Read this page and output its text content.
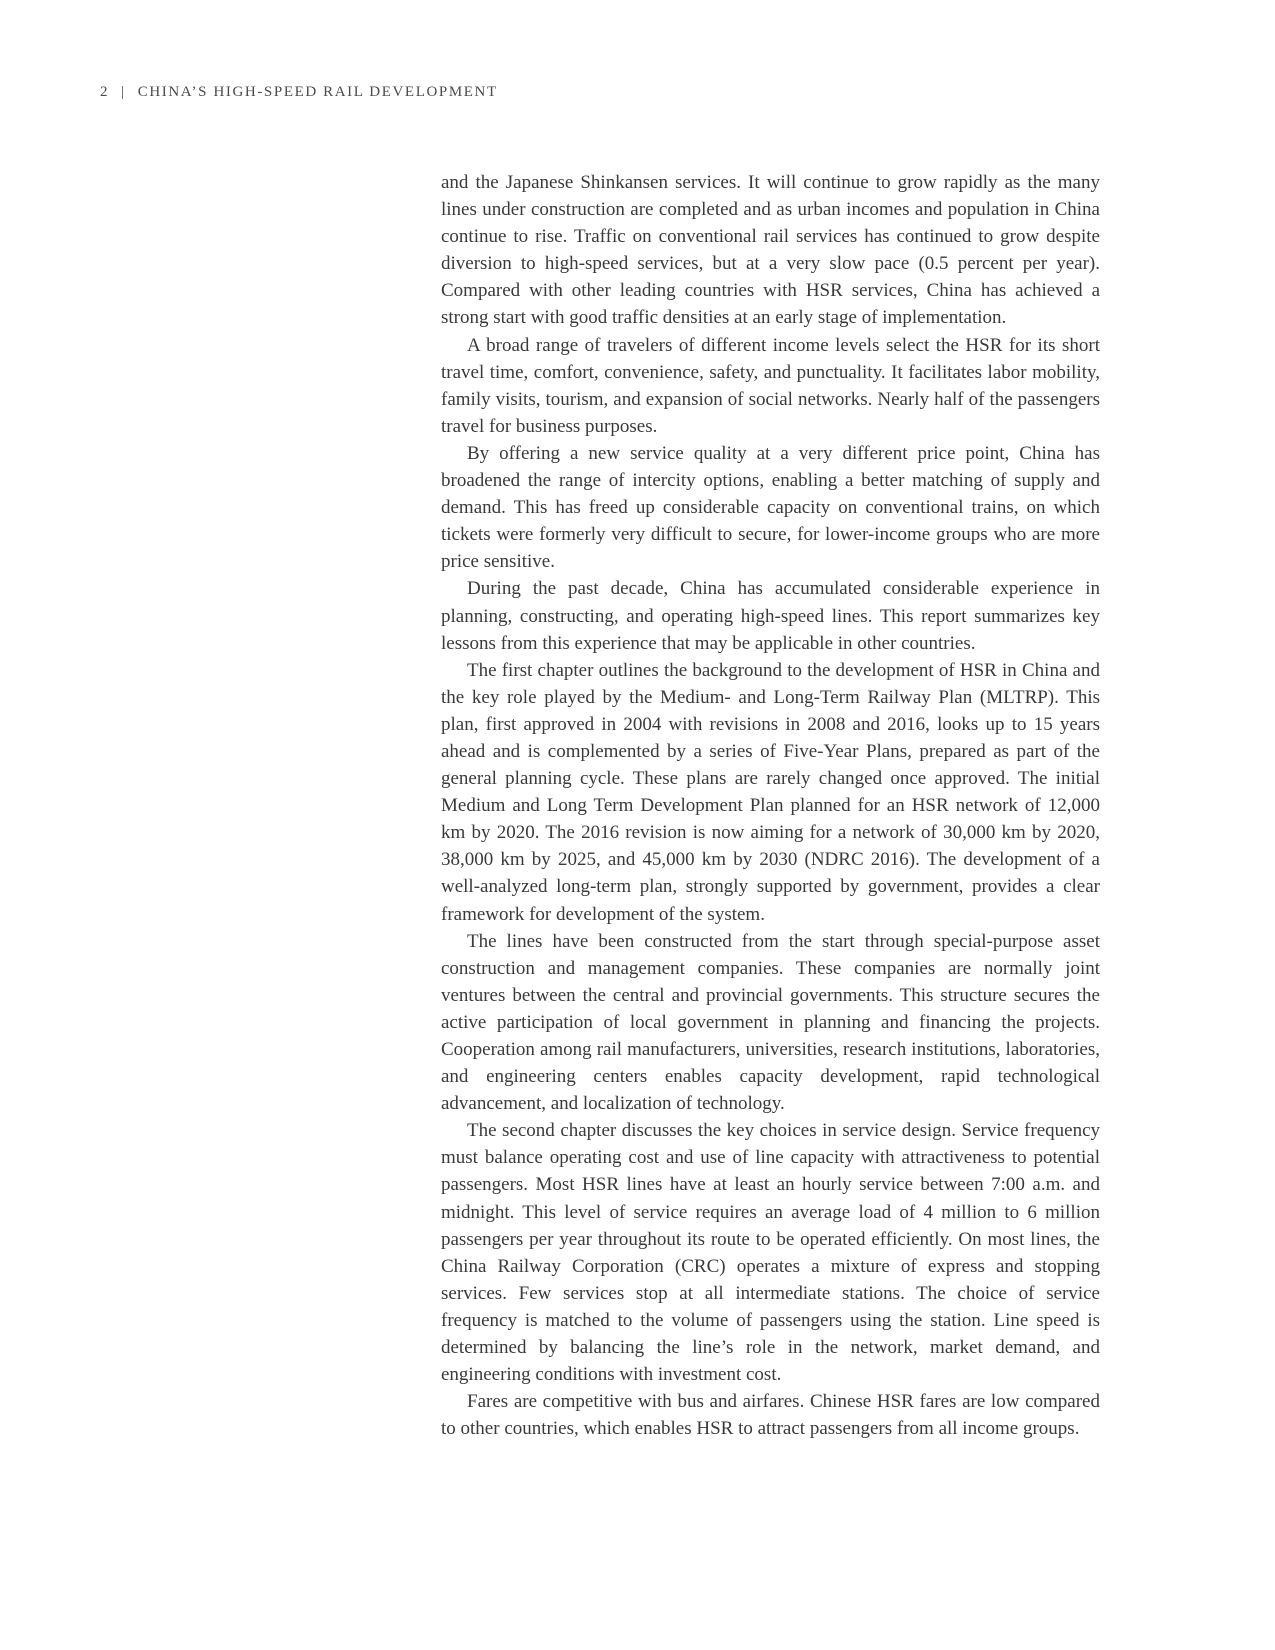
2 | CHINA’S HIGH-SPEED RAIL DEVELOPMENT

and the Japanese Shinkansen services. It will continue to grow rapidly as the many lines under construction are completed and as urban incomes and population in China continue to rise. Traffic on conventional rail services has continued to grow despite diversion to high-speed services, but at a very slow pace (0.5 percent per year). Compared with other leading countries with HSR services, China has achieved a strong start with good traffic densities at an early stage of implementation.

A broad range of travelers of different income levels select the HSR for its short travel time, comfort, convenience, safety, and punctuality. It facilitates labor mobility, family visits, tourism, and expansion of social networks. Nearly half of the passengers travel for business purposes.

By offering a new service quality at a very different price point, China has broadened the range of intercity options, enabling a better matching of supply and demand. This has freed up considerable capacity on conventional trains, on which tickets were formerly very difficult to secure, for lower-income groups who are more price sensitive.

During the past decade, China has accumulated considerable experience in planning, constructing, and operating high-speed lines. This report summarizes key lessons from this experience that may be applicable in other countries.

The first chapter outlines the background to the development of HSR in China and the key role played by the Medium- and Long-Term Railway Plan (MLTRP). This plan, first approved in 2004 with revisions in 2008 and 2016, looks up to 15 years ahead and is complemented by a series of Five-Year Plans, prepared as part of the general planning cycle. These plans are rarely changed once approved. The initial Medium and Long Term Development Plan planned for an HSR network of 12,000 km by 2020. The 2016 revision is now aiming for a network of 30,000 km by 2020, 38,000 km by 2025, and 45,000 km by 2030 (NDRC 2016). The development of a well-analyzed long-term plan, strongly supported by government, provides a clear framework for development of the system.

The lines have been constructed from the start through special-purpose asset construction and management companies. These companies are normally joint ventures between the central and provincial governments. This structure secures the active participation of local government in planning and financing the projects. Cooperation among rail manufacturers, universities, research institutions, laboratories, and engineering centers enables capacity development, rapid technological advancement, and localization of technology.

The second chapter discusses the key choices in service design. Service frequency must balance operating cost and use of line capacity with attractiveness to potential passengers. Most HSR lines have at least an hourly service between 7:00 a.m. and midnight. This level of service requires an average load of 4 million to 6 million passengers per year throughout its route to be operated efficiently. On most lines, the China Railway Corporation (CRC) operates a mixture of express and stopping services. Few services stop at all intermediate stations. The choice of service frequency is matched to the volume of passengers using the station. Line speed is determined by balancing the line’s role in the network, market demand, and engineering conditions with investment cost.

Fares are competitive with bus and airfares. Chinese HSR fares are low compared to other countries, which enables HSR to attract passengers from all income groups.
